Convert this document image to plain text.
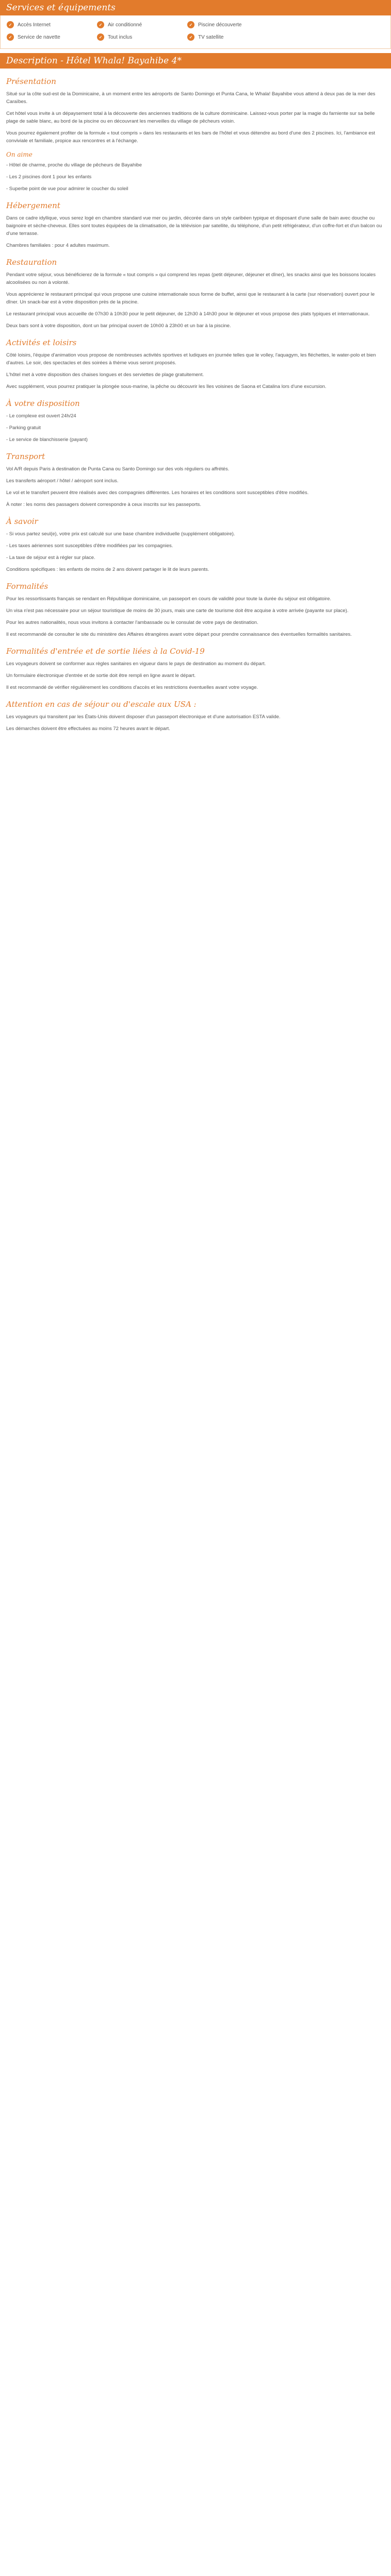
Services et équipements
✓	Accès Internet	✓	Air conditionné	✓	Piscine découverte
✓	Service de navette	✓	Tout inclus	✓	TV satellite
Description - Hôtel Whala! Bayahibe 4*
Présentation

Situé sur la côte sud-est de la Dominicaine, à un moment entre les aéroports de Santo Domingo et Punta Cana, le Whala! Bayahibe vous attend à deux pas de la mer des Caraïbes.

Cet hôtel vous invite à un dépaysement total à la découverte des anciennes traditions de la culture dominicaine. Laissez-vous porter par la magie du farniente sur sa belle plage de sable blanc, au bord de la piscine ou en découvrant les merveilles du village de pêcheurs voisin.

Vous pourrez également profiter de la formule « tout compris » dans les restaurants et les bars de l'hôtel et vous détendre au bord d'une des 2 piscines. Ici, l'ambiance est conviviale et familiale, propice aux rencontres et à l'échange.

On aime

- Hôtel de charme, proche du village de pêcheurs de Bayahibe

- Les 2 piscines dont 1 pour les enfants

- Superbe point de vue pour admirer le coucher du soleil

Hébergement

Dans ce cadre idyllique, vous serez logé en chambre standard vue mer ou jardin, décorée dans un style caribéen typique et disposant d'une salle de bain avec douche ou baignoire et sèche-cheveux. Elles sont toutes équipées de la climatisation, de la télévision par satellite, du téléphone, d'un petit réfrigérateur, d'un coffre-fort et d'un balcon ou d'une terrasse.

Chambres familiales : pour 4 adultes maximum.

Restauration

Pendant votre séjour, vous bénéficierez de la formule « tout compris » qui comprend les repas (petit déjeuner, déjeuner et dîner), les snacks ainsi que les boissons locales alcoolisées ou non à volonté.

Vous apprécierez le restaurant principal qui vous propose une cuisine internationale sous forme de buffet, ainsi que le restaurant à la carte (sur réservation) ouvert pour le dîner. Un snack-bar est à votre disposition près de la piscine.

Le restaurant principal vous accueille de 07h30 à 10h30 pour le petit déjeuner, de 12h30 à 14h30 pour le déjeuner et vous propose des plats typiques et internationaux.

Deux bars sont à votre disposition, dont un bar principal ouvert de 10h00 à 23h00 et un bar à la piscine.

Activités et loisirs

Côté loisirs, l'équipe d'animation vous propose de nombreuses activités sportives et ludiques en journée telles que le volley, l'aquagym, les fléchettes, le water-polo et bien d'autres. Le soir, des spectacles et des soirées à thème vous seront proposés.

L'hôtel met à votre disposition des chaises longues et des serviettes de plage gratuitement.

Avec supplément, vous pourrez pratiquer la plongée sous-marine, la pêche ou découvrir les îles voisines de Saona et Catalina lors d'une excursion.

À votre disposition

- Le complexe est ouvert 24h/24

- Parking gratuit

- Le service de blanchisserie (payant)

Transport

Vol A/R depuis Paris à destination de Punta Cana ou Santo Domingo sur des vols réguliers ou affrétés.

Les transferts aéroport / hôtel / aéroport sont inclus.

Le vol et le transfert peuvent être réalisés avec des compagnies différentes. Les horaires et les conditions sont susceptibles d'être modifiés.

À noter : les noms des passagers doivent correspondre à ceux inscrits sur les passeports.

À savoir

- Si vous partez seul(e), votre prix est calculé sur une base chambre individuelle (supplément obligatoire).

- Les taxes aériennes sont susceptibles d'être modifiées par les compagnies.

- La taxe de séjour est à régler sur place.

Conditions spécifiques : les enfants de moins de 2 ans doivent partager le lit de leurs parents.

Formalités

Pour les ressortissants français se rendant en République dominicaine, un passeport en cours de validité pour toute la durée du séjour est obligatoire.

Un visa n'est pas nécessaire pour un séjour touristique de moins de 30 jours, mais une carte de tourisme doit être acquise à votre arrivée (payante sur place).

Pour les autres nationalités, nous vous invitons à contacter l'ambassade ou le consulat de votre pays de destination.

Il est recommandé de consulter le site du ministère des Affaires étrangères avant votre départ pour prendre connaissance des éventuelles formalités sanitaires.

Formalités d'entrée et de sortie liées à la Covid-19

Les voyageurs doivent se conformer aux règles sanitaires en vigueur dans le pays de destination au moment du départ.

Un formulaire électronique d'entrée et de sortie doit être rempli en ligne avant le départ.

Il est recommandé de vérifier régulièrement les conditions d'accès et les restrictions éventuelles avant votre voyage.

Attention en cas de séjour ou d'escale aux USA :

Les voyageurs qui transitent par les États-Unis doivent disposer d'un passeport électronique et d'une autorisation ESTA valide.

Les démarches doivent être effectuées au moins 72 heures avant le départ.
